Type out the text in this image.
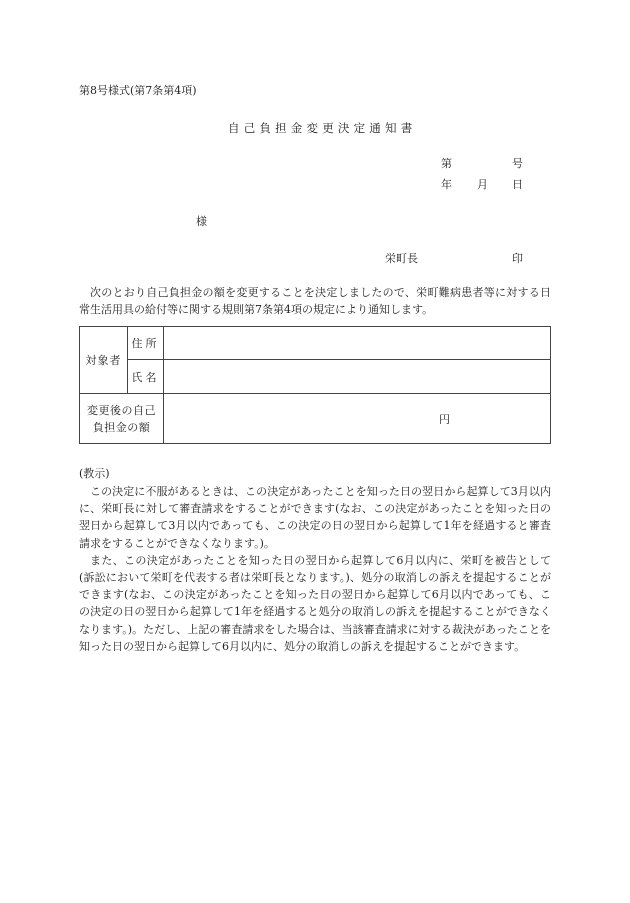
第8号様式(第7条第4項)
自己負担金変更決定通知書
第	号
年 月 日
様
栄町長	印

次のとおり自己負担金の額を変更することを決定しましたので、栄町難病患者等に対する日常生活用具の給付等に関する規則第7条第4項の規定により通知します。

対象者	住所	
	氏名	
変更後の自己
負担金の額		円
(教示)

この決定に不服があるときは、この決定があったことを知った日の翌日から起算して3月以内に、栄町長に対して審査請求をすることができます(なお、この決定があったことを知った日の翌日から起算して3月以内であっても、この決定の日の翌日から起算して1年を経過すると審査請求をすることができなくなります。)。

また、この決定があったことを知った日の翌日から起算して6月以内に、栄町を被告として(訴訟において栄町を代表する者は栄町長となります。)、処分の取消しの訴えを提起することができます(なお、この決定があったことを知った日の翌日から起算して6月以内であっても、この決定の日の翌日から起算して1年を経過すると処分の取消しの訴えを提起することができなくなります。)。ただし、上記の審査請求をした場合は、当該審査請求に対する裁決があったことを知った日の翌日から起算して6月以内に、処分の取消しの訴えを提起することができます。
